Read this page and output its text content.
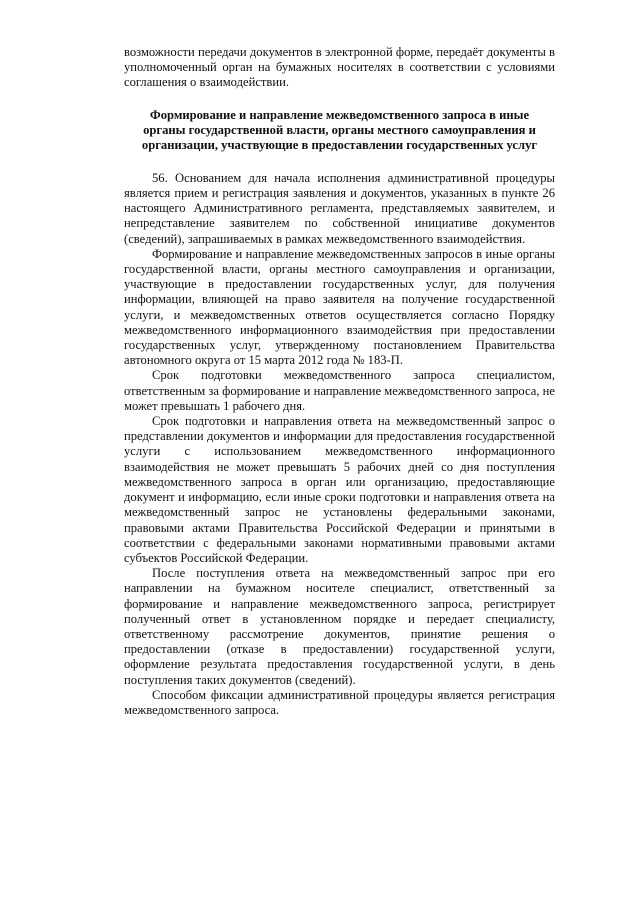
возможности передачи документов в электронной форме, передаёт документы в уполномоченный орган на бумажных носителях в соответствии с условиями соглашения о взаимодействии.

Формирование и направление межведомственного запроса в иные органы государственной власти, органы местного самоуправления и организации, участвующие в предоставлении государственных услуг

56. Основанием для начала исполнения административной процедуры является прием и регистрация заявления и документов, указанных в пункте 26 настоящего Административного регламента, представляемых заявителем, и непредставление заявителем по собственной инициативе документов (сведений), запрашиваемых в рамках межведомственного взаимодействия.

Формирование и направление межведомственных запросов в иные органы государственной власти, органы местного самоуправления и организации, участвующие в предоставлении государственных услуг, для получения информации, влияющей на право заявителя на получение государственной услуги, и межведомственных ответов осуществляется согласно Порядку межведомственного информационного взаимодействия при предоставлении государственных услуг, утвержденному постановлением Правительства автономного округа от 15 марта 2012 года № 183-П.

Срок подготовки межведомственного запроса специалистом, ответственным за формирование и направление межведомственного запроса, не может превышать 1 рабочего дня.

Срок подготовки и направления ответа на межведомственный запрос о представлении документов и информации для предоставления государственной услуги с использованием межведомственного информационного взаимодействия не может превышать 5 рабочих дней со дня поступления межведомственного запроса в орган или организацию, предоставляющие документ и информацию, если иные сроки подготовки и направления ответа на межведомственный запрос не установлены федеральными законами, правовыми актами Правительства Российской Федерации и принятыми в соответствии с федеральными законами нормативными правовыми актами субъектов Российской Федерации.

После поступления ответа на межведомственный запрос при его направлении на бумажном носителе специалист, ответственный за формирование и направление межведомственного запроса, регистрирует полученный ответ в установленном порядке и передает специалисту, ответственному рассмотрение документов, принятие решения о предоставлении (отказе в предоставлении) государственной услуги, оформление результата предоставления государственной услуги, в день поступления таких документов (сведений).

Способом фиксации административной процедуры является регистрация межведомственного запроса.
